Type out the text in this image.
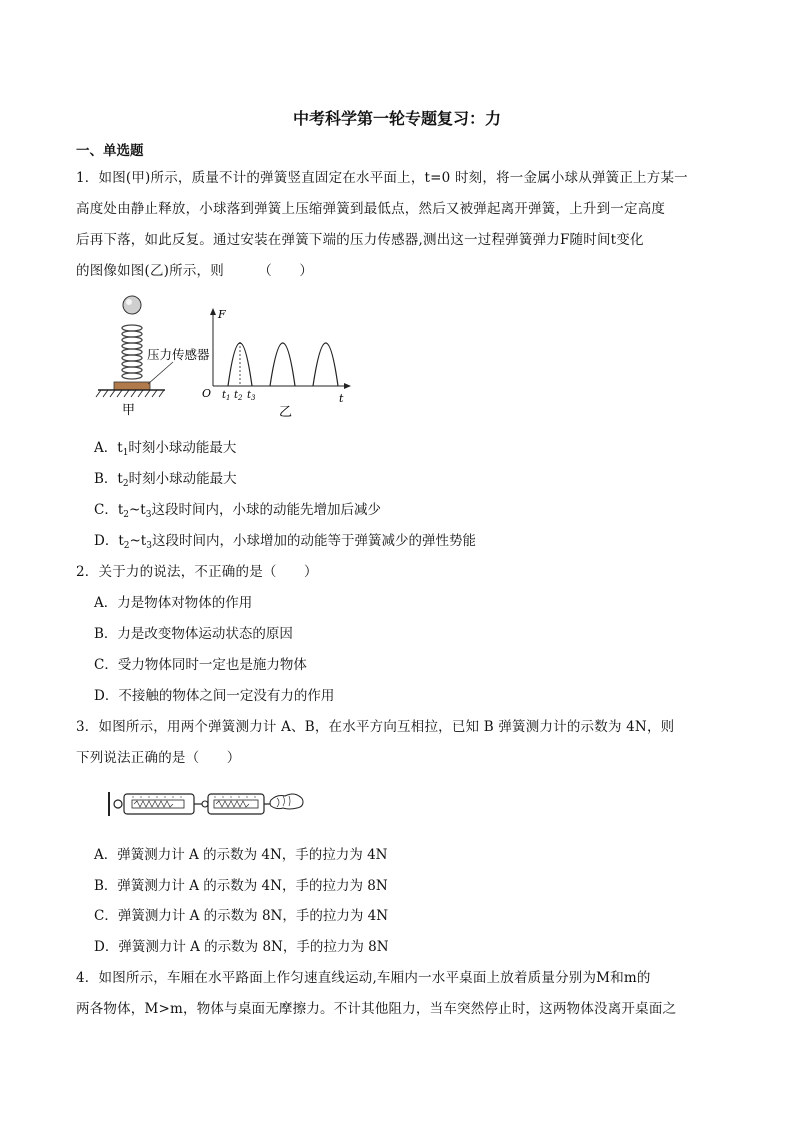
中考科学第一轮专题复习：力
一、单选题
1．如图(甲)所示，质量不计的弹簧竖直固定在水平面上，t=0 时刻，将一金属小球从弹簧正上方某一
高度处由静止释放，小球落到弹簧上压缩弹簧到最低点，然后又被弹起离开弹簧，上升到一定高度
后再下落，如此反复。通过安装在弹簧下端的压力传感器,测出这一过程弹簧弹力F随时间t变化
的图像如图(乙)所示，则　　　（　　）
压力传感器
甲
F
t
O $t_1$ $t_2$ $t_3$
乙
A．$t_1$时刻小球动能最大
B．$t_2$时刻小球动能最大
C．$t_2\sim t_3$这段时间内，小球的动能先增加后减少
D．$t_2\sim t_3$这段时间内，小球增加的动能等于弹簧减少的弹性势能
2．关于力的说法，不正确的是（　　）
A．力是物体对物体的作用
B．力是改变物体运动状态的原因
C．受力物体同时一定也是施力物体
D．不接触的物体之间一定没有力的作用
3．如图所示，用两个弹簧测力计 A、B，在水平方向互相拉，已知 B 弹簧测力计的示数为 4N，则
下列说法正确的是（　　）
A．弹簧测力计 A 的示数为 4N，手的拉力为 4N
B．弹簧测力计 A 的示数为 4N，手的拉力为 8N
C．弹簧测力计 A 的示数为 8N，手的拉力为 4N
D．弹簧测力计 A 的示数为 8N，手的拉力为 8N
4．如图所示，车厢在水平路面上作匀速直线运动,车厢内一水平桌面上放着质量分别为M和m的
两各物体，M>m，物体与桌面无摩擦力。不计其他阻力，当车突然停止时，这两物体没离开桌面之
